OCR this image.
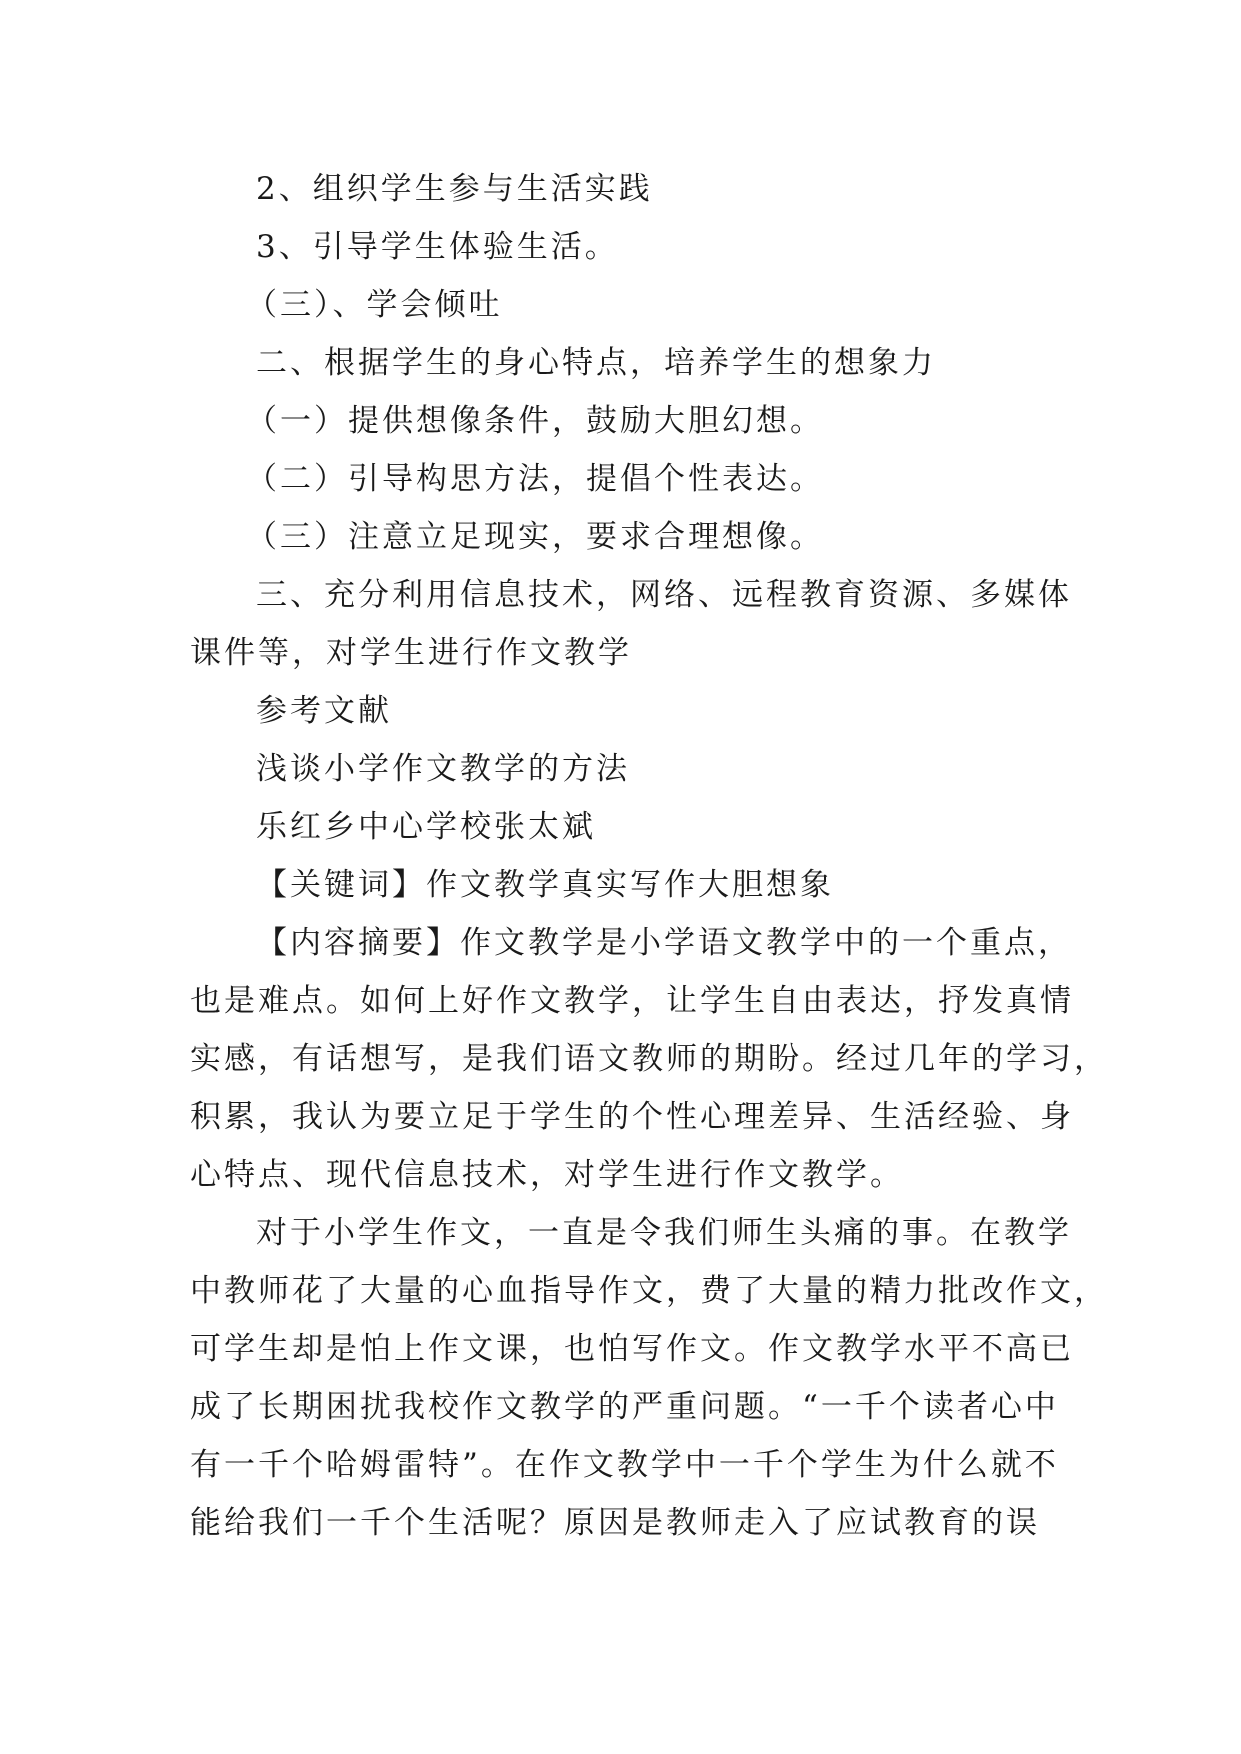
2、组织学生参与生活实践
3、引导学生体验生活。
（三）、学会倾吐
二、根据学生的身心特点，培养学生的想象力
（一）提供想像条件，鼓励大胆幻想。
（二）引导构思方法，提倡个性表达。
（三）注意立足现实，要求合理想像。
三、充分利用信息技术，网络、远程教育资源、多媒体
课件等，对学生进行作文教学
参考文献
浅谈小学作文教学的方法
乐红乡中心学校张太斌
【关键词】作文教学真实写作大胆想象
【内容摘要】作文教学是小学语文教学中的一个重点，
也是难点。如何上好作文教学，让学生自由表达，抒发真情
实感，有话想写，是我们语文教师的期盼。经过几年的学习，
积累，我认为要立足于学生的个性心理差异、生活经验、身
心特点、现代信息技术，对学生进行作文教学。
对于小学生作文，一直是令我们师生头痛的事。在教学
中教师花了大量的心血指导作文，费了大量的精力批改作文，
可学生却是怕上作文课，也怕写作文。作文教学水平不高已
成了长期困扰我校作文教学的严重问题。“一千个读者心中
有一千个哈姆雷特”。在作文教学中一千个学生为什么就不
能给我们一千个生活呢？原因是教师走入了应试教育的误
